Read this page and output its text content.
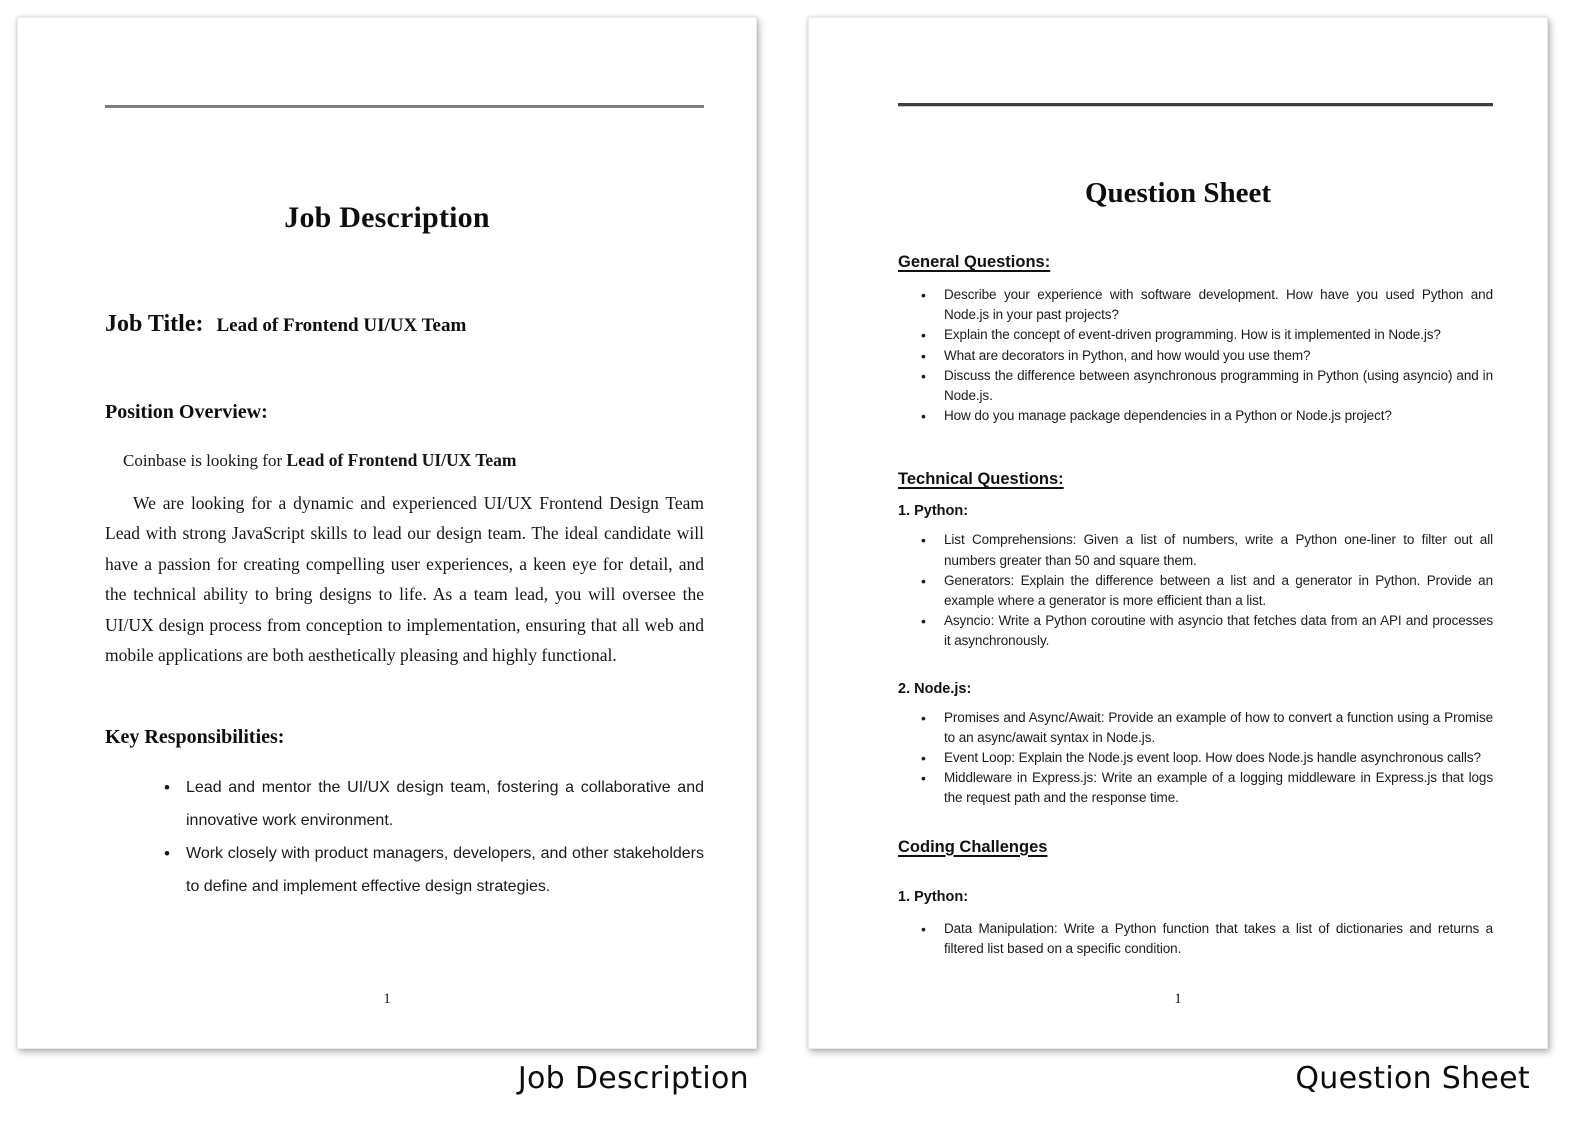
Job Description
Job Title: Lead of Frontend UI/UX Team
Position Overview:

Coinbase is looking for Lead of Frontend UI/UX Team

We are looking for a dynamic and experienced UI/UX Frontend Design Team Lead with strong JavaScript skills to lead our design team. The ideal candidate will have a passion for creating compelling user experiences, a keen eye for detail, and the technical ability to bring designs to life. As a team lead, you will oversee the UI/UX design process from conception to implementation, ensuring that all web and mobile applications are both aesthetically pleasing and highly functional.

Key Responsibilities:
• Lead and mentor the UI/UX design team, fostering a collaborative and innovative work environment.
• Work closely with product managers, developers, and other stakeholders to define and implement effective design strategies.
1
Question Sheet
General Questions:
• Describe your experience with software development. How have you used Python and Node.js in your past projects?
• Explain the concept of event-driven programming. How is it implemented in Node.js?
• What are decorators in Python, and how would you use them?
• Discuss the difference between asynchronous programming in Python (using asyncio) and in Node.js.
• How do you manage package dependencies in a Python or Node.js project?
Technical Questions:
1. Python:
• List Comprehensions: Given a list of numbers, write a Python one-liner to filter out all numbers greater than 50 and square them.
• Generators: Explain the difference between a list and a generator in Python. Provide an example where a generator is more efficient than a list.
• Asyncio: Write a Python coroutine with asyncio that fetches data from an API and processes it asynchronously.
2. Node.js:
• Promises and Async/Await: Provide an example of how to convert a function using a Promise to an async/await syntax in Node.js.
• Event Loop: Explain the Node.js event loop. How does Node.js handle asynchronous calls?
• Middleware in Express.js: Write an example of a logging middleware in Express.js that logs the request path and the response time.
Coding Challenges
1. Python:
• Data Manipulation: Write a Python function that takes a list of dictionaries and returns a filtered list based on a specific condition.
1
Job Description	Question Sheet
